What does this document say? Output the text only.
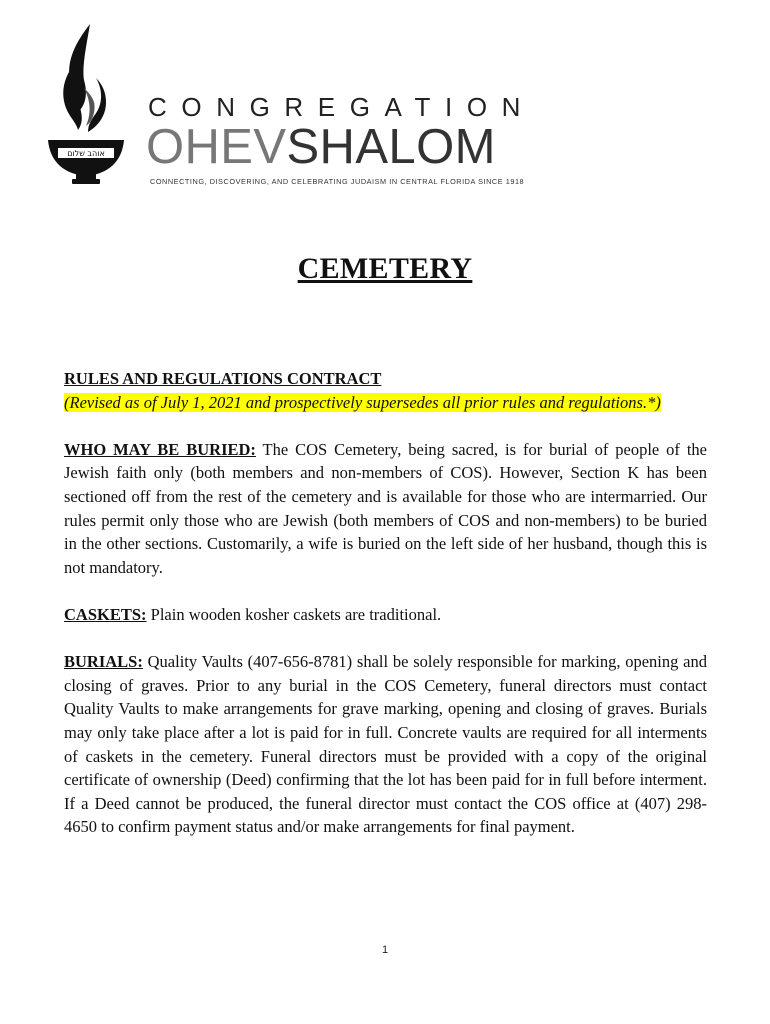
אוהב שלום
CONGREGATION
OHEVSHALOM
CONNECTING, DISCOVERING, AND CELEBRATING JUDAISM IN CENTRAL FLORIDA SINCE 1918
CEMETERY
RULES AND REGULATIONS CONTRACT
(Revised as of July 1, 2021 and prospectively supersedes all prior rules and regulations.*)

WHO MAY BE BURIED: The COS Cemetery, being sacred, is for burial of people of the Jewish faith only (both members and non-members of COS). However, Section K has been sectioned off from the rest of the cemetery and is available for those who are intermarried. Our rules permit only those who are Jewish (both members of COS and non-members) to be buried in the other sections. Customarily, a wife is buried on the left side of her husband, though this is not mandatory.

CASKETS: Plain wooden kosher caskets are traditional.

BURIALS: Quality Vaults (407-656-8781) shall be solely responsible for marking, opening and closing of graves. Prior to any burial in the COS Cemetery, funeral directors must contact Quality Vaults to make arrangements for grave marking, opening and closing of graves. Burials may only take place after a lot is paid for in full. Concrete vaults are required for all interments of caskets in the cemetery. Funeral directors must be provided with a copy of the original certificate of ownership (Deed) confirming that the lot has been paid for in full before interment. If a Deed cannot be produced, the funeral director must contact the COS office at (407) 298-4650 to confirm payment status and/or make arrangements for final payment.

1
